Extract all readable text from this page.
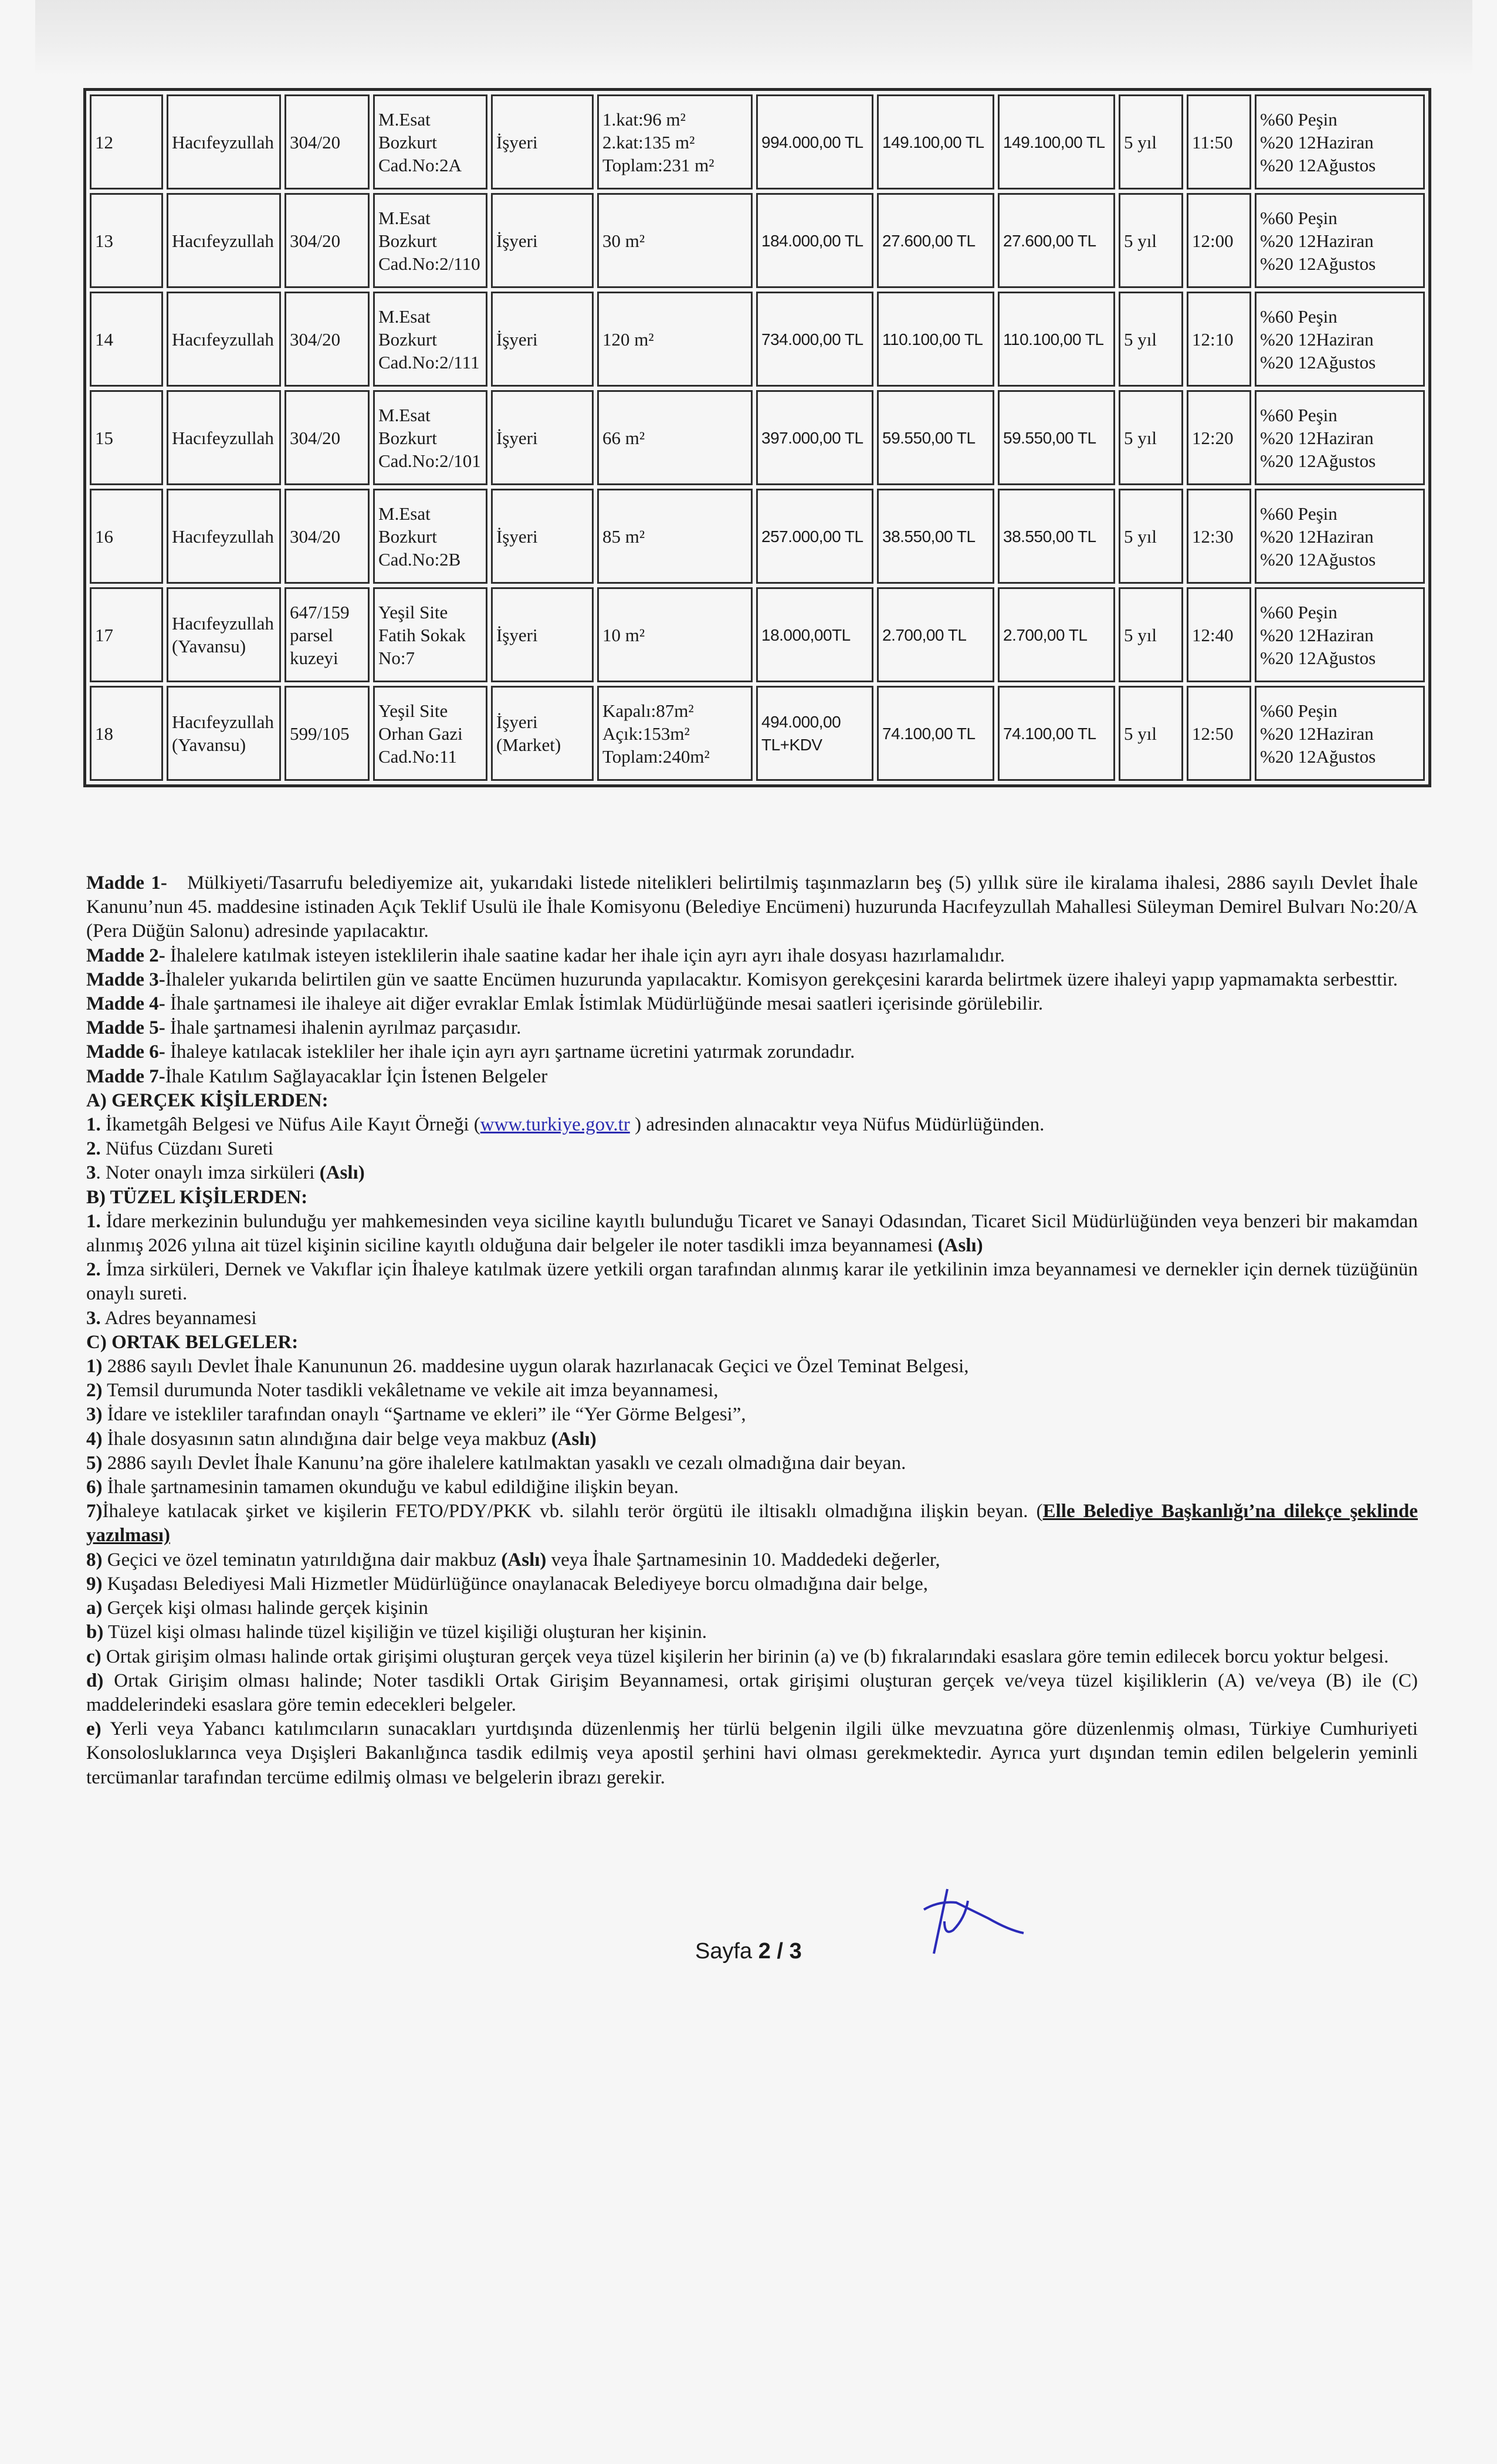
12	Hacıfeyzullah	304/20	M.Esat
Bozkurt
Cad.No:2A	İşyeri	1.kat:96 m²
2.kat:135 m²
Toplam:231 m²	994.000,00 TL	149.100,00 TL	149.100,00 TL	5 yıl	11:50	%60 Peşin
%20 12Haziran
%20 12Ağustos

13	Hacıfeyzullah	304/20	M.Esat
Bozkurt
Cad.No:2/110	İşyeri	30 m²	184.000,00 TL	27.600,00 TL	27.600,00 TL	5 yıl	12:00	%60 Peşin
%20 12Haziran
%20 12Ağustos

14	Hacıfeyzullah	304/20	M.Esat
Bozkurt
Cad.No:2/111	İşyeri	120 m²	734.000,00 TL	110.100,00 TL	110.100,00 TL	5 yıl	12:10	%60 Peşin
%20 12Haziran
%20 12Ağustos

15	Hacıfeyzullah	304/20	M.Esat
Bozkurt
Cad.No:2/101	İşyeri	66 m²	397.000,00 TL	59.550,00 TL	59.550,00 TL	5 yıl	12:20	%60 Peşin
%20 12Haziran
%20 12Ağustos

16	Hacıfeyzullah	304/20	M.Esat
Bozkurt
Cad.No:2B	İşyeri	85 m²	257.000,00 TL	38.550,00 TL	38.550,00 TL	5 yıl	12:30	%60 Peşin
%20 12Haziran
%20 12Ağustos

17	Hacıfeyzullah (Yavansu)	647/159
parsel
kuzeyi	Yeşil Site
Fatih Sokak
No:7	İşyeri	10 m²	18.000,00TL	2.700,00 TL	2.700,00 TL	5 yıl	12:40	%60 Peşin
%20 12Haziran
%20 12Ağustos

18	Hacıfeyzullah (Yavansu)	599/105	Yeşil Site
Orhan Gazi
Cad.No:11	İşyeri
(Market)	Kapalı:87m²
Açık:153m²
Toplam:240m²	494.000,00
TL+KDV	74.100,00 TL	74.100,00 TL	5 yıl	12:50	%60 Peşin
%20 12Haziran
%20 12Ağustos

Madde 1- Mülkiyeti/Tasarrufu belediyemize ait, yukarıdaki listede nitelikleri belirtilmiş taşınmazların beş (5) yıllık süre ile kiralama ihalesi, 2886 sayılı Devlet İhale Kanunu’nun 45. maddesine istinaden Açık Teklif Usulü ile İhale Komisyonu (Belediye Encümeni) huzurunda Hacıfeyzullah Mahallesi Süleyman Demirel Bulvarı No:20/A (Pera Düğün Salonu) adresinde yapılacaktır.

Madde 2- İhalelere katılmak isteyen isteklilerin ihale saatine kadar her ihale için ayrı ayrı ihale dosyası hazırlamalıdır.

Madde 3-İhaleler yukarıda belirtilen gün ve saatte Encümen huzurunda yapılacaktır. Komisyon gerekçesini kararda belirtmek üzere ihaleyi yapıp yapmamakta serbesttir.

Madde 4- İhale şartnamesi ile ihaleye ait diğer evraklar Emlak İstimlak Müdürlüğünde mesai saatleri içerisinde görülebilir.

Madde 5- İhale şartnamesi ihalenin ayrılmaz parçasıdır.

Madde 6- İhaleye katılacak istekliler her ihale için ayrı ayrı şartname ücretini yatırmak zorundadır.

Madde 7-İhale Katılım Sağlayacaklar İçin İstenen Belgeler

A) GERÇEK KİŞİLERDEN:

1. İkametgâh Belgesi ve Nüfus Aile Kayıt Örneği (www.turkiye.gov.tr ) adresinden alınacaktır veya Nüfus Müdürlüğünden.

2. Nüfus Cüzdanı Sureti

3. Noter onaylı imza sirküleri (Aslı)

B) TÜZEL KİŞİLERDEN:

1. İdare merkezinin bulunduğu yer mahkemesinden veya siciline kayıtlı bulunduğu Ticaret ve Sanayi Odasından, Ticaret Sicil Müdürlüğünden veya benzeri bir makamdan alınmış 2026 yılına ait tüzel kişinin siciline kayıtlı olduğuna dair belgeler ile noter tasdikli imza beyannamesi (Aslı)

2. İmza sirküleri, Dernek ve Vakıflar için İhaleye katılmak üzere yetkili organ tarafından alınmış karar ile yetkilinin imza beyannamesi ve dernekler için dernek tüzüğünün onaylı sureti.

3. Adres beyannamesi

C) ORTAK BELGELER:

1) 2886 sayılı Devlet İhale Kanununun 26. maddesine uygun olarak hazırlanacak Geçici ve Özel Teminat Belgesi,

2) Temsil durumunda Noter tasdikli vekâletname ve vekile ait imza beyannamesi,

3) İdare ve istekliler tarafından onaylı “Şartname ve ekleri” ile “Yer Görme Belgesi”,

4) İhale dosyasının satın alındığına dair belge veya makbuz (Aslı)

5) 2886 sayılı Devlet İhale Kanunu’na göre ihalelere katılmaktan yasaklı ve cezalı olmadığına dair beyan.

6) İhale şartnamesinin tamamen okunduğu ve kabul edildiğine ilişkin beyan.

7)İhaleye katılacak şirket ve kişilerin FETO/PDY/PKK vb. silahlı terör örgütü ile iltisaklı olmadığına ilişkin beyan. (Elle Belediye Başkanlığı’na dilekçe şeklinde yazılması)

8) Geçici ve özel teminatın yatırıldığına dair makbuz (Aslı) veya İhale Şartnamesinin 10. Maddedeki değerler,

9) Kuşadası Belediyesi Mali Hizmetler Müdürlüğünce onaylanacak Belediyeye borcu olmadığına dair belge,

a) Gerçek kişi olması halinde gerçek kişinin

b) Tüzel kişi olması halinde tüzel kişiliğin ve tüzel kişiliği oluşturan her kişinin.

c) Ortak girişim olması halinde ortak girişimi oluşturan gerçek veya tüzel kişilerin her birinin (a) ve (b) fıkralarındaki esaslara göre temin edilecek borcu yoktur belgesi.

d) Ortak Girişim olması halinde; Noter tasdikli Ortak Girişim Beyannamesi, ortak girişimi oluşturan gerçek ve/veya tüzel kişiliklerin (A) ve/veya (B) ile (C) maddelerindeki esaslara göre temin edecekleri belgeler.

e) Yerli veya Yabancı katılımcıların sunacakları yurtdışında düzenlenmiş her türlü belgenin ilgili ülke mevzuatına göre düzenlenmiş olması, Türkiye Cumhuriyeti Konsolosluklarınca veya Dışişleri Bakanlığınca tasdik edilmiş veya apostil şerhini havi olması gerekmektedir. Ayrıca yurt dışından temin edilen belgelerin yeminli tercümanlar tarafından tercüme edilmiş olması ve belgelerin ibrazı gerekir.

Sayfa 2 / 3
